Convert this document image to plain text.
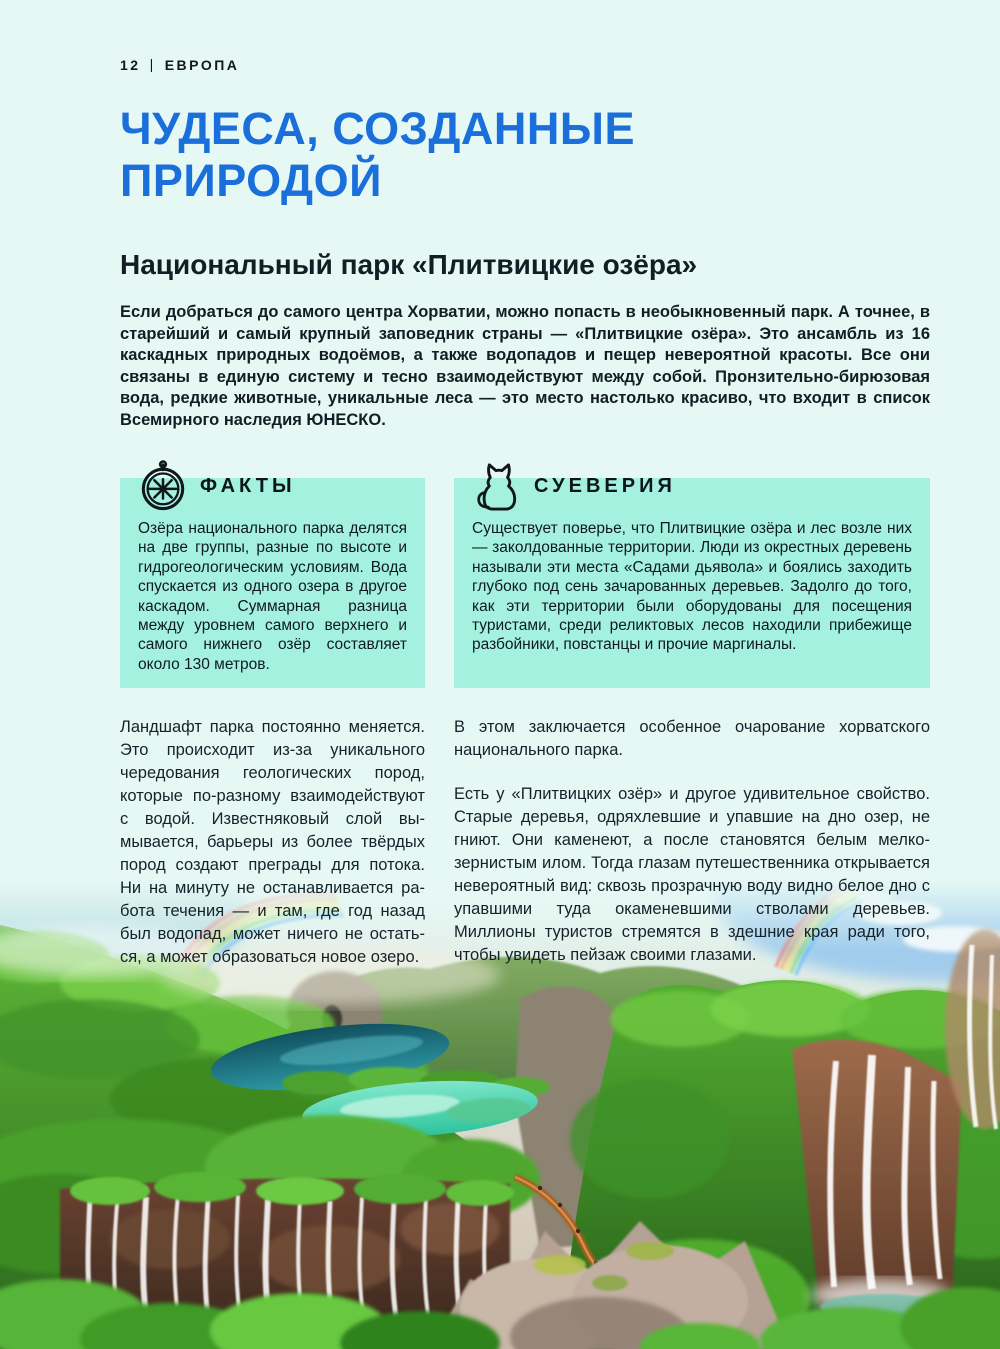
12 | ЕВРОПА
ЧУДЕСА, СОЗДАННЫЕ
ПРИРОДОЙ
Национальный парк «Плитвицкие озёра»

Если добраться до самого центра Хорватии, можно попасть в необыкновенный парк. А точнее, в старейший и самый крупный заповедник страны — «Плитвицкие озёра». Это ансамбль из 16 каскадных природных водоёмов, а также водопадов и пещер невероятной красоты. Все они связаны в единую систему и тесно взаимодействуют между собой. Пронзительно-бирюзовая вода, редкие животные, уникальные леса — это место настолько красиво, что входит в список Всемирного наследия ЮНЕСКО.

ФАКТЫ
Озёра национального парка делятся на две группы, разные по высоте и гидрогеологическим условиям. Вода спускается из одного озера в другое каскадом. Суммарная разница между уровнем самого верхнего и самого нижнего озёр составляет около 130 метров.
СУЕВЕРИЯ
Существует поверье, что Плитвицкие озёра и лес возле них — заколдованные территории. Люди из окрестных деревень называли эти места «Садами дьявола» и боялись заходить глубоко под сень зачарованных деревьев. Задолго до того, как эти территории были оборудованы для посещения туристами, среди реликтовых лесов находили прибежище разбойники, повстанцы и прочие маргиналы.

Ландшафт парка постоянно меняется. Это происходит из-за уникального чередования геологических пород, которые по-разному взаимодействуют с водой. Известняковый слой вымывается, барьеры из более твёрдых пород создают преграды для потока. Ни на минуту не останавливается работа течения — и там, где год назад был водопад, может ничего не остаться, а может образоваться новое озеро.

В этом заключается особенное очарование хорватского национального парка.

Есть у «Плитвицких озёр» и другое удивительное свойство. Старые деревья, одряхлевшие и упавшие на дно озер, не гниют. Они каменеют, а после становятся белым мелкозернистым илом. Тогда глазам путешественника открывается невероятный вид: сквозь прозрачную воду видно белое дно с упавшими туда окаменевшими стволами деревьев. Миллионы туристов стремятся в здешние края ради того, чтобы увидеть пейзаж своими глазами.
